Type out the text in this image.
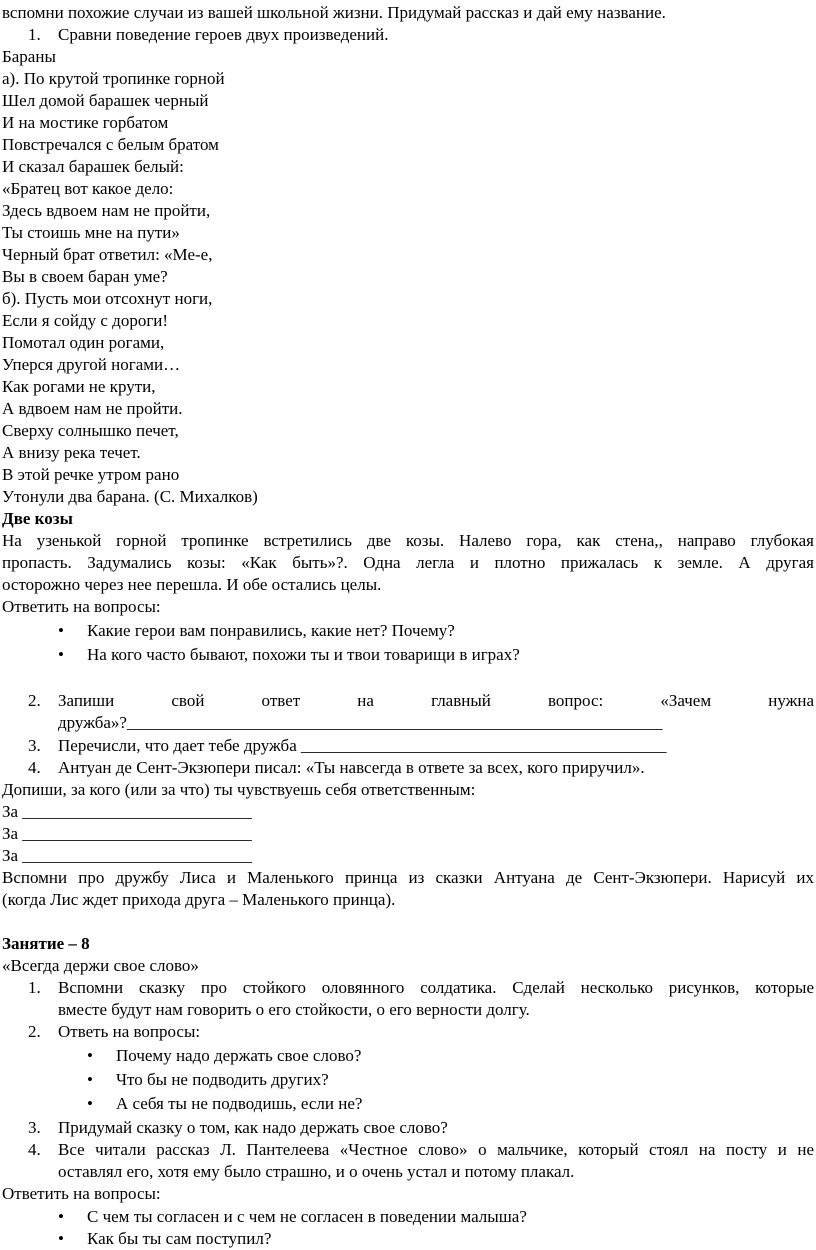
вспомни похожие случаи из вашей школьной жизни. Придумай рассказ и дай ему название.
1. Сравни поведение героев двух произведений.
Бараны
а). По крутой тропинке горной
Шел домой барашек черный
И на мостике горбатом
Повстречался с белым братом
И сказал барашек белый:
«Братец вот какое дело:
Здесь вдвоем нам не пройти,
Ты стоишь мне на пути»
Черный брат ответил: «Ме-е,
Вы в своем баран уме?
б). Пусть мои отсохнут ноги,
Если я сойду с дороги!
Помотал один рогами,
Уперся другой ногами…
Как рогами не крути,
А вдвоем нам не пройти.
Сверху солнышко печет,
А внизу река течет.
В этой речке утром рано
Утонули два барана. (С. Михалков)
Две козы
На узенькой горной тропинке встретились две козы. Налево гора, как стена,, направо глубокая
пропасть. Задумались козы: «Как быть»?. Одна легла и плотно прижалась к земле. А другая
осторожно через нее перешла. И обе остались целы.
Ответить на вопросы:
• Какие герои вам понравились, какие нет? Почему?
• На кого часто бывают, похожи ты и твои товарищи в играх?
2. Запиши свой ответ на главный вопрос: «Зачем нужна
дружба»?_______________________________________________________________
3. Перечисли, что дает тебе дружба ___________________________________________
4. Антуан де Сент-Экзюпери писал: «Ты навсегда в ответе за всех, кого приручил».
Допиши, за кого (или за что) ты чувствуешь себя ответственным:
За ___________________________
За ___________________________
За ___________________________
Вспомни про дружбу Лиса и Маленького принца из сказки Антуана де Сент-Экзюпери. Нарисуй их
(когда Лис ждет прихода друга – Маленького принца).
Занятие – 8
«Всегда держи свое слово»
1. Вспомни сказку про стойкого оловянного солдатика. Сделай несколько рисунков, которые
вместе будут нам говорить о его стойкости, о его верности долгу.
2. Ответь на вопросы:
• Почему надо держать свое слово?
• Что бы не подводить других?
• А себя ты не подводишь, если не?
3. Придумай сказку о том, как надо держать свое слово?
4. Все читали рассказ Л. Пантелеева «Честное слово» о мальчике, который стоял на посту и не
оставлял его, хотя ему было страшно, и о очень устал и потому плакал.
Ответить на вопросы:
• С чем ты согласен и с чем не согласен в поведении малыша?
• Как бы ты сам поступил?
